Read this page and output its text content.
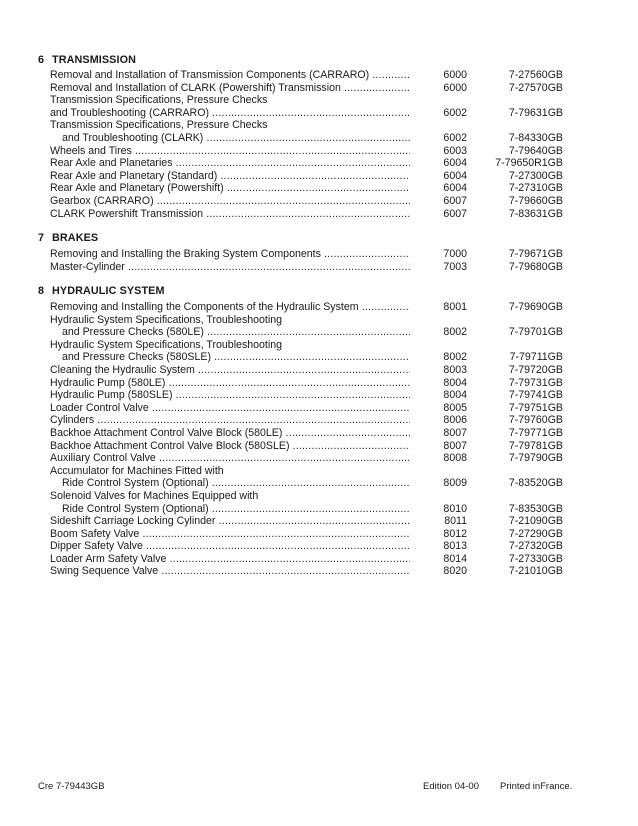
6 TRANSMISSION
Removal and Installation of Transmission Components (CARRARO) .....	6000	7-27560GB
Removal and Installation of CLARK (Powershift) Transmission .....	6000	7-27570GB
Transmission Specifications, Pressure Checks
and Troubleshooting (CARRARO) .....	6002	7-79631GB
Transmission Specifications, Pressure Checks
and Troubleshooting (CLARK) .....	6002	7-84330GB
Wheels and Tires .....	6003	7-79640GB
Rear Axle and Planetaries .....	6004	7-79650R1GB
Rear Axle and Planetary (Standard) .....	6004	7-27300GB
Rear Axle and Planetary (Powershift) .....	6004	7-27310GB
Gearbox (CARRARO) .....	6007	7-79660GB
CLARK Powershift Transmission .....	6007	7-83631GB
7 BRAKES
Removing and Installing the Braking System Components .....	7000	7-79671GB
Master-Cylinder .....	7003	7-79680GB
8 HYDRAULIC SYSTEM
Removing and Installing the Components of the Hydraulic System .....	8001	7-79690GB
Hydraulic System Specifications, Troubleshooting
and Pressure Checks (580LE) .....	8002	7-79701GB
Hydraulic System Specifications, Troubleshooting
and Pressure Checks (580SLE) .....	8002	7-79711GB
Cleaning the Hydraulic System .....	8003	7-79720GB
Hydraulic Pump (580LE) .....	8004	7-79731GB
Hydraulic Pump (580SLE) .....	8004	7-79741GB
Loader Control Valve .....	8005	7-79751GB
Cylinders .....	8006	7-79760GB
Backhoe Attachment Control Valve Block (580LE) .....	8007	7-79771GB
Backhoe Attachment Control Valve Block (580SLE) .....	8007	7-79781GB
Auxiliary Control Valve .....	8008	7-79790GB
Accumulator for Machines Fitted with
Ride Control System (Optional) .....	8009	7-83520GB
Solenoid Valves for Machines Equipped with
Ride Control System (Optional) .....	8010	7-83530GB
Sideshift Carriage Locking Cylinder .....	8011	7-21090GB
Boom Safety Valve .....	8012	7-27290GB
Dipper Safety Valve .....	8013	7-27320GB
Loader Arm Safety Valve .....	8014	7-27330GB
Swing Sequence Valve .....	8020	7-21010GB
Cre 7-79443GB	Edition 04-00 Printed inFrance.
